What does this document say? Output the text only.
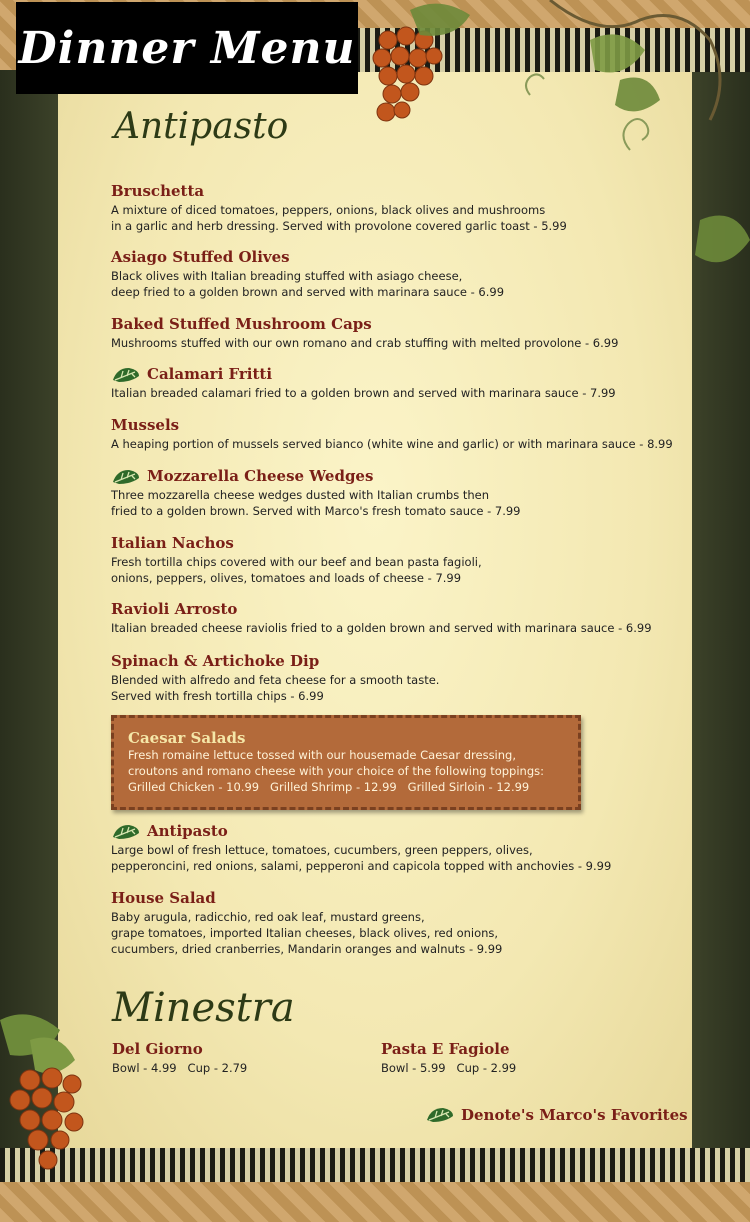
Dinner Menu
Antipasto
Bruschetta
A mixture of diced tomatoes, peppers, onions, black olives and mushrooms
in a garlic and herb dressing. Served with provolone covered garlic toast - 5.99
Asiago Stuffed Olives
Black olives with Italian breading stuffed with asiago cheese,
deep fried to a golden brown and served with marinara sauce - 6.99
Baked Stuffed Mushroom Caps
Mushrooms stuffed with our own romano and crab stuffing with melted provolone - 6.99
Calamari Fritti
Italian breaded calamari fried to a golden brown and served with marinara sauce - 7.99
Mussels
A heaping portion of mussels served bianco (white wine and garlic) or with marinara sauce - 8.99
Mozzarella Cheese Wedges
Three mozzarella cheese wedges dusted with Italian crumbs then
fried to a golden brown. Served with Marco's fresh tomato sauce - 7.99
Italian Nachos
Fresh tortilla chips covered with our beef and bean pasta fagioli,
onions, peppers, olives, tomatoes and loads of cheese - 7.99
Ravioli Arrosto
Italian breaded cheese raviolis fried to a golden brown and served with marinara sauce - 6.99
Spinach & Artichoke Dip
Blended with alfredo and feta cheese for a smooth taste.
Served with fresh tortilla chips - 6.99
Caesar Salads
Fresh romaine lettuce tossed with our housemade Caesar dressing,
croutons and romano cheese with your choice of the following toppings:
Grilled Chicken - 10.99   Grilled Shrimp - 12.99   Grilled Sirloin - 12.99
Antipasto
Large bowl of fresh lettuce, tomatoes, cucumbers, green peppers, olives,
pepperoncini, red onions, salami, pepperoni and capicola topped with anchovies - 9.99
House Salad
Baby arugula, radicchio, red oak leaf, mustard greens,
grape tomatoes, imported Italian cheeses, black olives, red onions,
cucumbers, dried cranberries, Mandarin oranges and walnuts - 9.99
Minestra
Del Giorno
Bowl - 4.99   Cup - 2.79
Pasta E Fagiole
Bowl - 5.99   Cup - 2.99
Denote's Marco's Favorites
